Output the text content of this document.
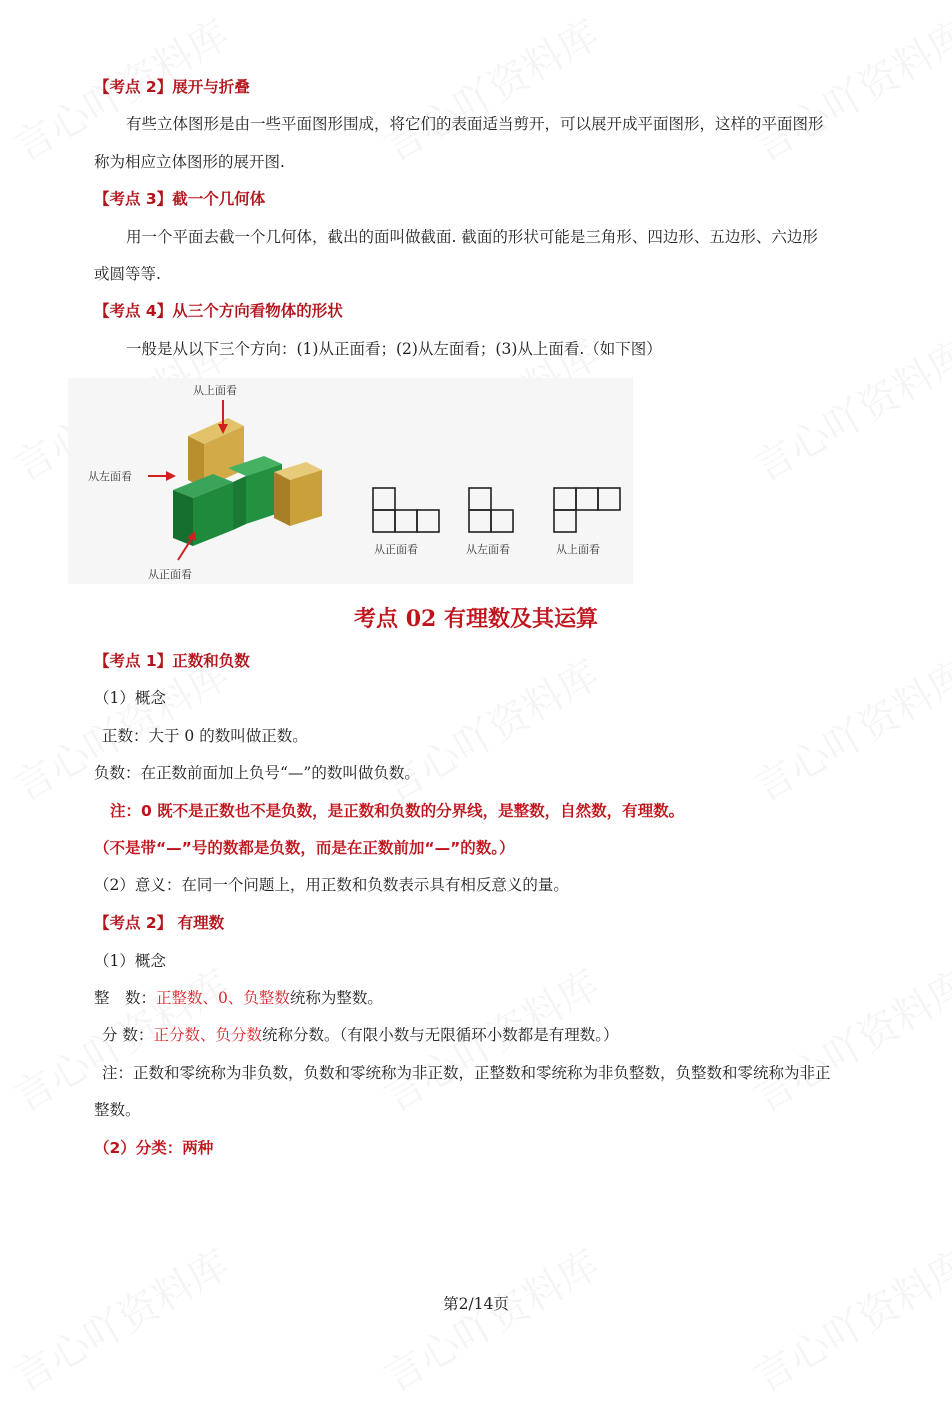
【考点 2】展开与折叠
有些立体图形是由一些平面图形围成，将它们的表面适当剪开，可以展开成平面图形，这样的平面图形
称为相应立体图形的展开图.
【考点 3】截一个几何体
用一个平面去截一个几何体，截出的面叫做截面. 截面的形状可能是三角形、四边形、五边形、六边形
或圆等等.
【考点 4】从三个方向看物体的形状
一般是从以下三个方向：(1)从正面看；(2)从左面看；(3)从上面看.（如下图）
从上面看
从左面看
从正面看
从正面看	从左面看	从上面看
考点 02 有理数及其运算
【考点 1】正数和负数
（1）概念
正数：大于 0 的数叫做正数。
负数：在正数前面加上负号“—”的数叫做负数。
注：0 既不是正数也不是负数，是正数和负数的分界线，是整数，自然数，有理数。
（不是带“—”号的数都是负数，而是在正数前加“—”的数。）
（2）意义：在同一个问题上，用正数和负数表示具有相反意义的量。
【考点 2】 有理数
（1）概念
整　数：正整数、0、负整数统称为整数。
分 数：正分数、负分数统称分数。（有限小数与无限循环小数都是有理数。）
注：正数和零统称为非负数，负数和零统称为非正数，正整数和零统称为非负整数，负整数和零统称为非正
整数。
（2）分类：两种
第2/14页
